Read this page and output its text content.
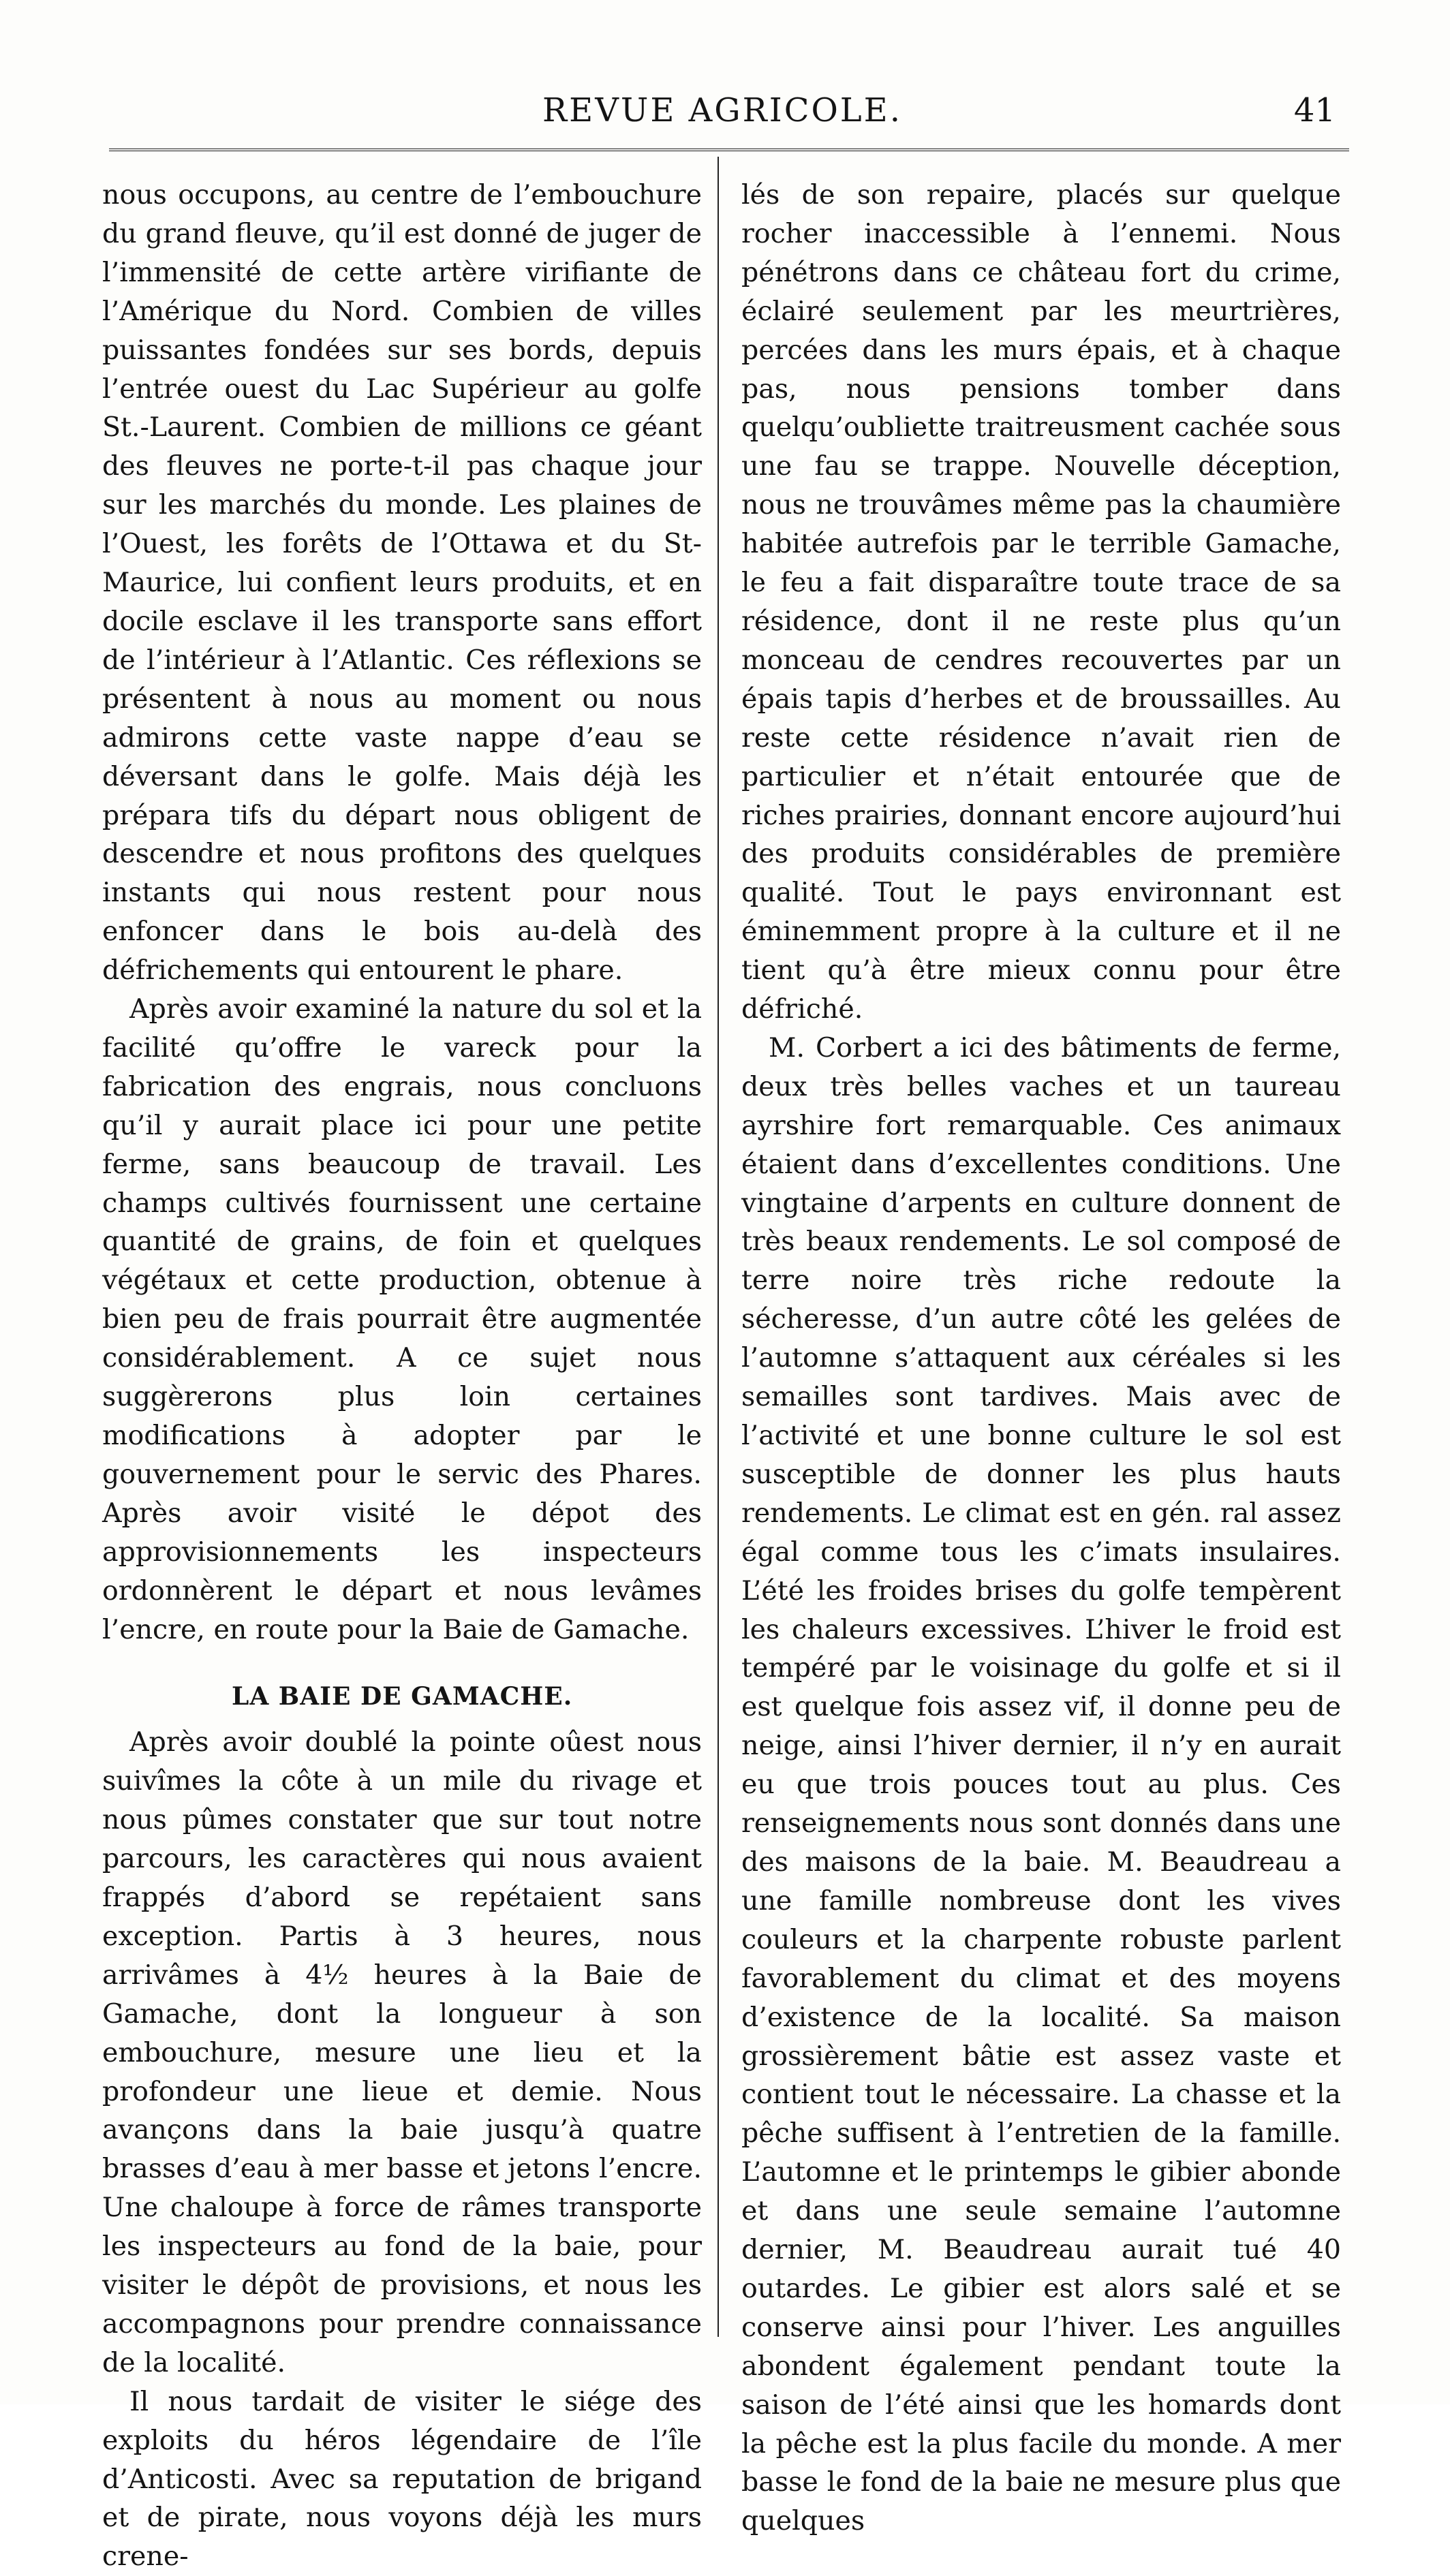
REVUE AGRICOLE.	41

nous occupons, au centre de l’embouchure du grand fleuve, qu’il est donné de juger de l’immensité de cette artère virifiante de l’Amérique du Nord. Combien de villes puissantes fondées sur ses bords, depuis l’entrée ouest du Lac Supérieur au golfe St.-Laurent. Combien de millions ce géant des fleuves ne porte-t-il pas chaque jour sur les marchés du monde. Les plaines de l’Ouest, les forêts de l’Ottawa et du St-Maurice, lui confient leurs produits, et en docile esclave il les transporte sans effort de l’intérieur à l’Atlantic. Ces réflexions se présentent à nous au moment ou nous admirons cette vaste nappe d’eau se déversant dans le golfe. Mais déjà les prépara tifs du départ nous obligent de descendre et nous profitons des quelques instants qui nous restent pour nous enfoncer dans le bois au-delà des défrichements qui entourent le phare.

Après avoir examiné la nature du sol et la facilité qu’offre le vareck pour la fabrication des engrais, nous concluons qu’il y aurait place ici pour une petite ferme, sans beaucoup de travail. Les champs cultivés fournissent une certaine quantité de grains, de foin et quelques végétaux et cette production, obtenue à bien peu de frais pourrait être augmentée considérablement. A ce sujet nous suggèrerons plus loin certaines modifications à adopter par le gouvernement pour le servic des Phares. Après avoir visité le dépot des approvisionnements les inspecteurs ordonnèrent le départ et nous levâmes l’encre, en route pour la Baie de Gamache.

LA BAIE DE GAMACHE.

Après avoir doublé la pointe oûest nous suivîmes la côte à un mile du rivage et nous pûmes constater que sur tout notre parcours, les caractères qui nous avaient frappés d’abord se repétaient sans exception. Partis à 3 heures, nous arrivâmes à 4½ heures à la Baie de Gamache, dont la longueur à son embouchure, mesure une lieu et la profondeur une lieue et demie. Nous avançons dans la baie jusqu’à quatre brasses d’eau à mer basse et jetons l’encre. Une chaloupe à force de râmes transporte les inspecteurs au fond de la baie, pour visiter le dépôt de provisions, et nous les accompagnons pour prendre connaissance de la localité.

Il nous tardait de visiter le siége des exploits du héros légendaire de l’île d’Anticosti. Avec sa reputation de brigand et de pirate, nous voyons déjà les murs crene-

lés de son repaire, placés sur quelque rocher inaccessible à l’ennemi. Nous pénétrons dans ce château fort du crime, éclairé seulement par les meurtrières, percées dans les murs épais, et à chaque pas, nous pensions tomber dans quelqu’oubliette traitreusment cachée sous une fau se trappe. Nouvelle déception, nous ne trouvâmes même pas la chaumière habitée autrefois par le terrible Gamache, le feu a fait disparaître toute trace de sa résidence, dont il ne reste plus qu’un monceau de cendres recouvertes par un épais tapis d’herbes et de broussailles. Au reste cette résidence n’avait rien de particulier et n’était entourée que de riches prairies, donnant encore aujourd’hui des produits considérables de première qualité. Tout le pays environnant est éminemment propre à la culture et il ne tient qu’à être mieux connu pour être défriché.

M. Corbert a ici des bâtiments de ferme, deux très belles vaches et un taureau ayrshire fort remarquable. Ces animaux étaient dans d’excellentes conditions. Une vingtaine d’arpents en culture donnent de très beaux rendements. Le sol composé de terre noire très riche redoute la sécheresse, d’un autre côté les gelées de l’automne s’attaquent aux céréales si les semailles sont tardives. Mais avec de l’activité et une bonne culture le sol est susceptible de donner les plus hauts rendements. Le climat est en gén. ral assez égal comme tous les c’imats insulaires. L’été les froides brises du golfe tempèrent les chaleurs excessives. L’hiver le froid est tempéré par le voisinage du golfe et si il est quelque fois assez vif, il donne peu de neige, ainsi l’hiver dernier, il n’y en aurait eu que trois pouces tout au plus. Ces renseignements nous sont donnés dans une des maisons de la baie. M. Beaudreau a une famille nombreuse dont les vives couleurs et la charpente robuste parlent favorablement du climat et des moyens d’existence de la localité. Sa maison grossièrement bâtie est assez vaste et contient tout le nécessaire. La chasse et la pêche suffisent à l’entretien de la famille. L’automne et le printemps le gibier abonde et dans une seule semaine l’automne dernier, M. Beaudreau aurait tué 40 outardes. Le gibier est alors salé et se conserve ainsi pour l’hiver. Les anguilles abondent également pendant toute la saison de l’été ainsi que les homards dont la pêche est la plus facile du monde. A mer basse le fond de la baie ne mesure plus que quelques
